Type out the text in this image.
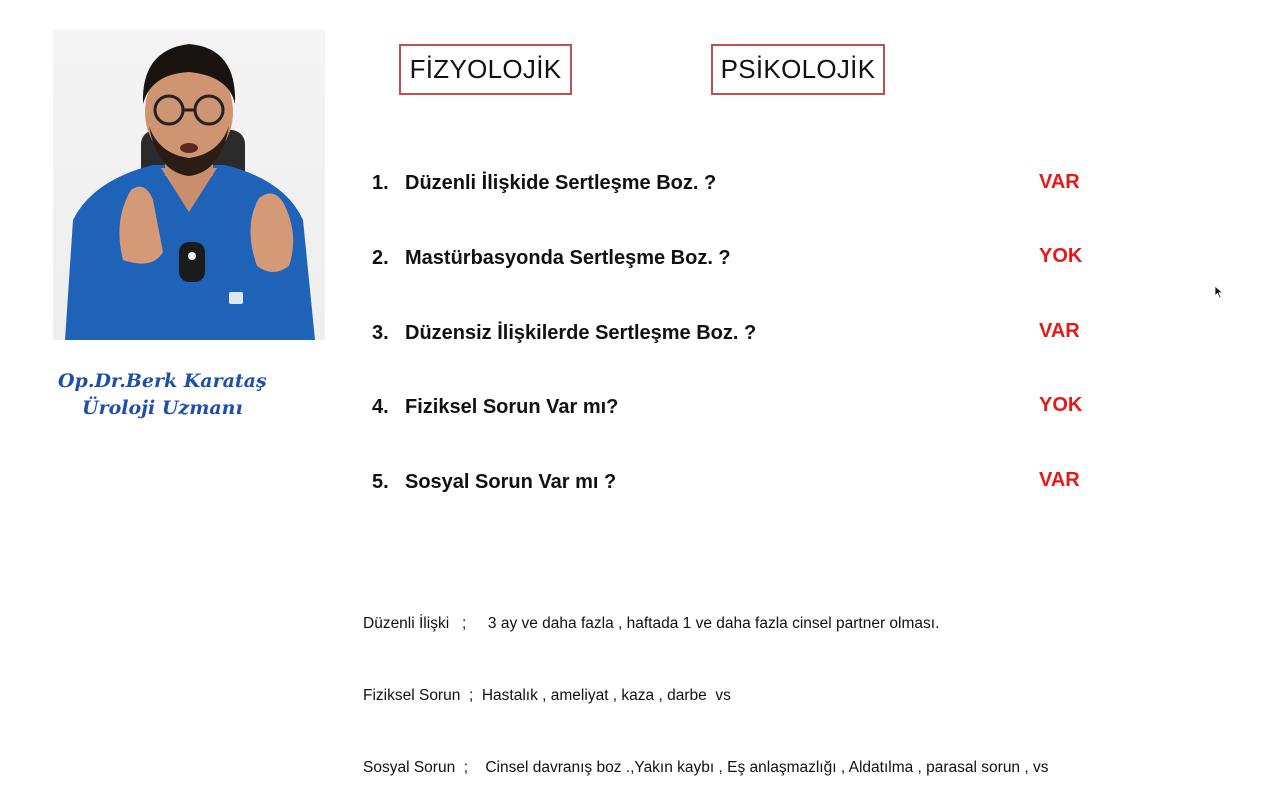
Op.Dr.Berk Karataş
Üroloji Uzmanı
FİZYOLOJİK	PSİKOLOJİK
1. Düzenli İlişkide Sertleşme Boz. ?	VAR
2. Mastürbasyonda Sertleşme Boz. ?	YOK
3. Düzensiz İlişkilerde Sertleşme Boz. ?	VAR
4. Fiziksel Sorun Var mı?	YOK
5. Sosyal Sorun Var mı ?	VAR

Düzenli İlişki   ;     3 ay ve daha fazla , haftada 1 ve daha fazla cinsel partner olması.

Fiziksel Sorun  ;  Hastalık , ameliyat , kaza , darbe  vs

Sosyal Sorun  ;    Cinsel davranış boz .,Yakın kaybı , Eş anlaşmazlığı , Aldatılma , parasal sorun , vs
